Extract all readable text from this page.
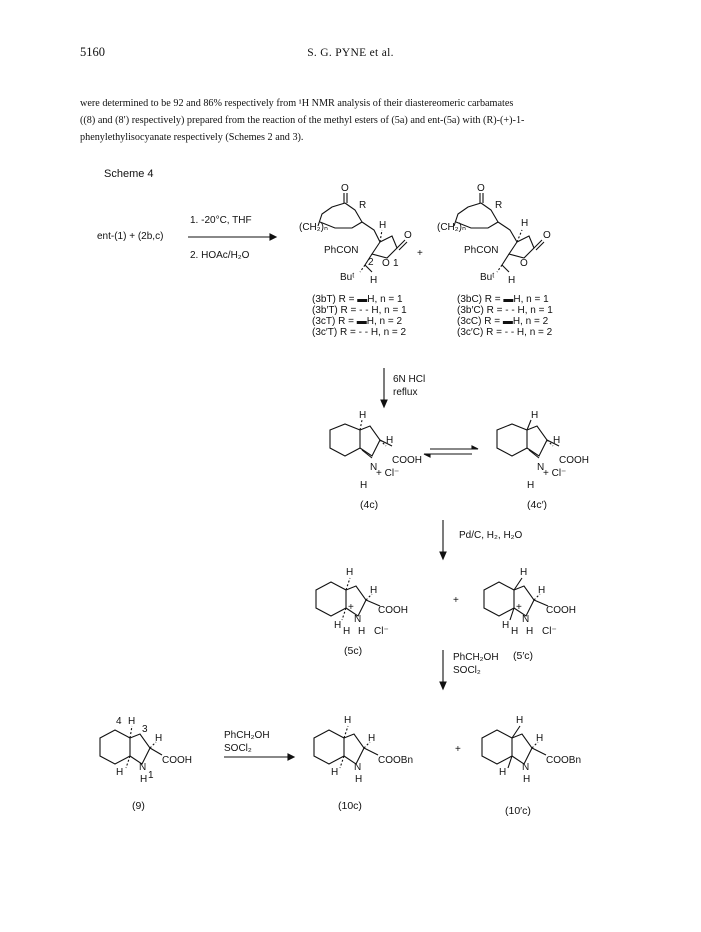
5160	S. G. PYNE et al.

were determined to be 92 and 86% respectively from ¹H NMR analysis of their diastereomeric carbamates

((8) and (8′) respectively) prepared from the reaction of the methyl esters of (5a) and ent-(5a) with (R)-(+)-1-

phenylethylisocyanate respectively (Schemes 2 and 3).

Scheme 4
O
R
(CH₂)ₙ	H
O
PhCON
2 O 1
Buᵗ H
+
O
R
(CH₂)ₙ	H
O
PhCON
O
Buᵗ H
H
H
COOH
N
+ Cl⁻
H
H
H
COOH
N
+ Cl⁻
H
H
H
+ COOH
N
H
H H Cl⁻
+
H
H
+ COOH
N
H
H H Cl⁻
4 H
3
H
COOH
N
1
H
H
H
H
COOBn
N
H
H
+
H
H
COOBn
N
H
H
ent-(1) + (2b,c)
1. -20°C, THF
2. HOAc/H₂O
(3bT) R = ▬H, n = 1
(3b′T) R = - - H, n = 1
(3cT) R = ▬H, n = 2
(3c′T) R = - - H, n = 2
(3bC) R = ▬H, n = 1
(3b′C) R = - - H, n = 1
(3cC) R = ▬H, n = 2
(3c′C) R = - - H, n = 2
6N HCl
reflux
(4c)	(4c′)
Pd/C, H₂, H₂O
(5c)	(5′c)
PhCH₂OH
SOCl₂
PhCH₂OH
SOCl₂
(9)	(10c)	(10′c)
